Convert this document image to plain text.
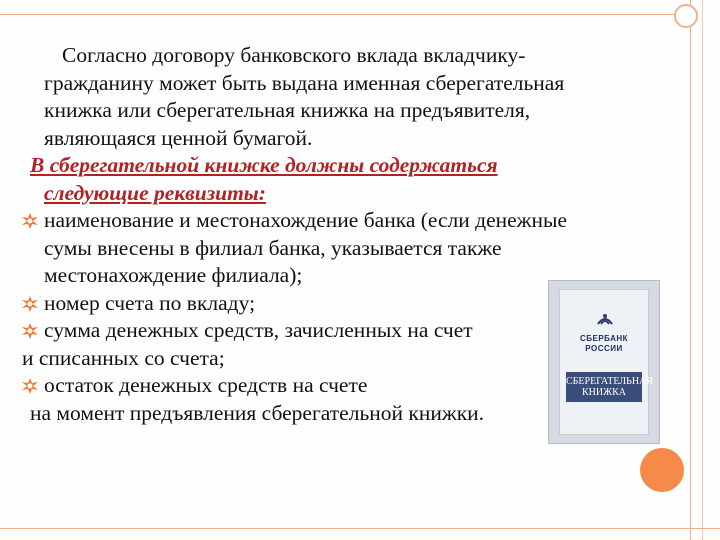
Согласно договору банковского вклада вкладчику-
гражданину может быть выдана именная сберегательная
книжка или сберегательная книжка на предъявителя,
являющаяся ценной бумагой.
В сберегательной книжке должны содержаться
следующие реквизиты:
наименование и местонахождение банка (если денежные
сумы внесены в филиал банка, указывается также
местонахождение филиала);
номер счета по вкладу;
сумма денежных средств, зачисленных на счет
и списанных со счета;
остаток денежных средств на счете
на момент предъявления сберегательной книжки.
СБЕРБАНК
РОССИИ
СБЕРЕГАТЕЛЬНАЯ
КНИЖКА
